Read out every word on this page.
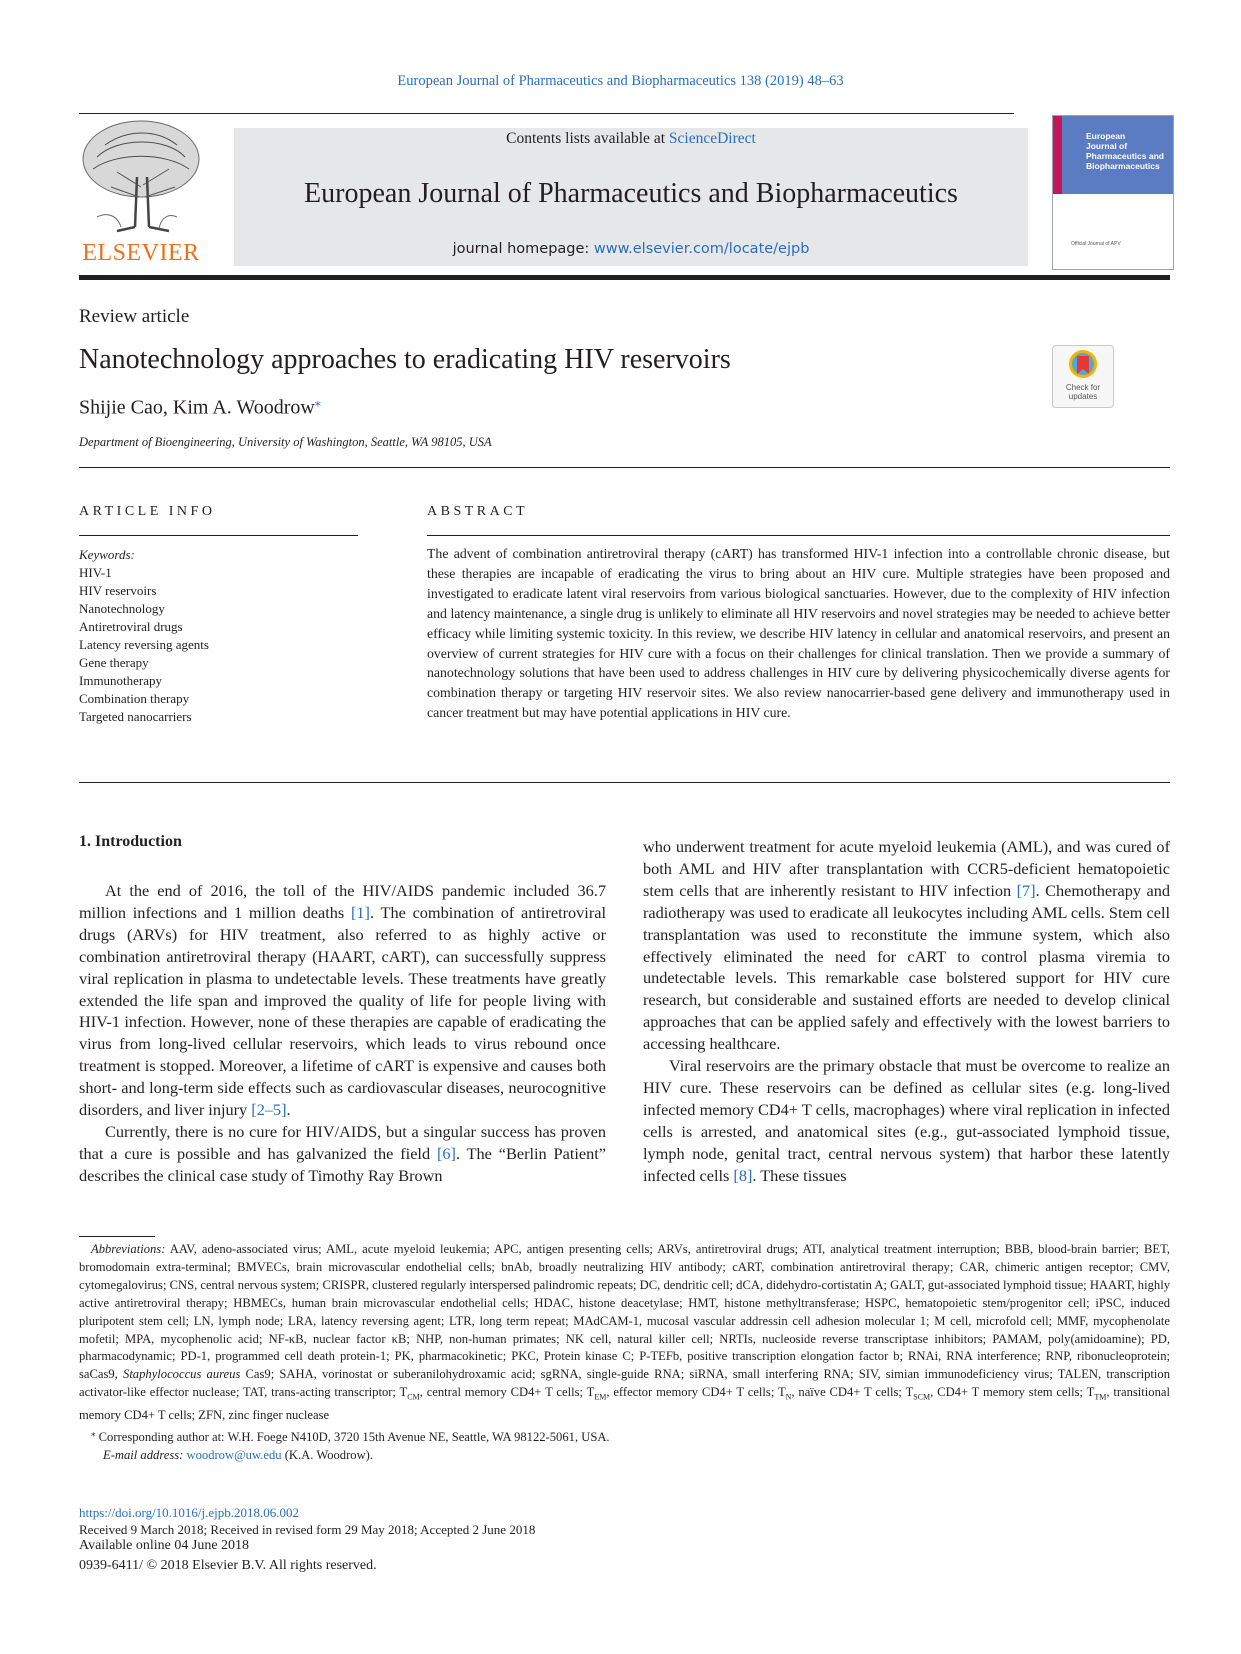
European Journal of Pharmaceutics and Biopharmaceutics 138 (2019) 48–63
ELSEVIER
Contents lists available at ScienceDirect
European Journal of Pharmaceutics and Biopharmaceutics
journal homepage: www.elsevier.com/locate/ejpb
European
Journal of
Pharmaceutics and
Biopharmaceutics
Official Journal of APV
Review article
Nanotechnology approaches to eradicating HIV reservoirs
Shijie Cao, Kim A. Woodrow⁎
Department of Bioengineering, University of Washington, Seattle, WA 98105, USA
Check for updates
ARTICLE INFO
Keywords:
HIV-1
HIV reservoirs
Nanotechnology
Antiretroviral drugs
Latency reversing agents
Gene therapy
Immunotherapy
Combination therapy
Targeted nanocarriers
ABSTRACT
The advent of combination antiretroviral therapy (cART) has transformed HIV-1 infection into a controllable chronic disease, but these therapies are incapable of eradicating the virus to bring about an HIV cure. Multiple strategies have been proposed and investigated to eradicate latent viral reservoirs from various biological sanctuaries. However, due to the complexity of HIV infection and latency maintenance, a single drug is unlikely to eliminate all HIV reservoirs and novel strategies may be needed to achieve better efficacy while limiting systemic toxicity. In this review, we describe HIV latency in cellular and anatomical reservoirs, and present an overview of current strategies for HIV cure with a focus on their challenges for clinical translation. Then we provide a summary of nanotechnology solutions that have been used to address challenges in HIV cure by delivering physicochemically diverse agents for combination therapy or targeting HIV reservoir sites. We also review nanocarrier-based gene delivery and immunotherapy used in cancer treatment but may have potential applications in HIV cure.
1. Introduction

At the end of 2016, the toll of the HIV/AIDS pandemic included 36.7 million infections and 1 million deaths [1]. The combination of antiretroviral drugs (ARVs) for HIV treatment, also referred to as highly active or combination antiretroviral therapy (HAART, cART), can successfully suppress viral replication in plasma to undetectable levels. These treatments have greatly extended the life span and improved the quality of life for people living with HIV-1 infection. However, none of these therapies are capable of eradicating the virus from long-lived cellular reservoirs, which leads to virus rebound once treatment is stopped. Moreover, a lifetime of cART is expensive and causes both short- and long-term side effects such as cardiovascular diseases, neurocognitive disorders, and liver injury [2–5].

Currently, there is no cure for HIV/AIDS, but a singular success has proven that a cure is possible and has galvanized the field [6]. The “Berlin Patient” describes the clinical case study of Timothy Ray Brown

who underwent treatment for acute myeloid leukemia (AML), and was cured of both AML and HIV after transplantation with CCR5-deficient hematopoietic stem cells that are inherently resistant to HIV infection [7]. Chemotherapy and radiotherapy was used to eradicate all leukocytes including AML cells. Stem cell transplantation was used to reconstitute the immune system, which also effectively eliminated the need for cART to control plasma viremia to undetectable levels. This remarkable case bolstered support for HIV cure research, but considerable and sustained efforts are needed to develop clinical approaches that can be applied safely and effectively with the lowest barriers to accessing healthcare.

Viral reservoirs are the primary obstacle that must be overcome to realize an HIV cure. These reservoirs can be defined as cellular sites (e.g. long-lived infected memory CD4+ T cells, macrophages) where viral replication in infected cells is arrested, and anatomical sites (e.g., gut-associated lymphoid tissue, lymph node, genital tract, central nervous system) that harbor these latently infected cells [8]. These tissues

Abbreviations: AAV, adeno-associated virus; AML, acute myeloid leukemia; APC, antigen presenting cells; ARVs, antiretroviral drugs; ATI, analytical treatment interruption; BBB, blood-brain barrier; BET, bromodomain extra-terminal; BMVECs, brain microvascular endothelial cells; bnAb, broadly neutralizing HIV antibody; cART, combination antiretroviral therapy; CAR, chimeric antigen receptor; CMV, cytomegalovirus; CNS, central nervous system; CRISPR, clustered regularly interspersed palindromic repeats; DC, dendritic cell; dCA, didehydro-cortistatin A; GALT, gut-associated lymphoid tissue; HAART, highly active antiretroviral therapy; HBMECs, human brain microvascular endothelial cells; HDAC, histone deacetylase; HMT, histone methyltransferase; HSPC, hematopoietic stem/progenitor cell; iPSC, induced pluripotent stem cell; LN, lymph node; LRA, latency reversing agent; LTR, long term repeat; MAdCAM-1, mucosal vascular addressin cell adhesion molecular 1; M cell, microfold cell; MMF, mycophenolate mofetil; MPA, mycophenolic acid; NF-κB, nuclear factor κB; NHP, non-human primates; NK cell, natural killer cell; NRTIs, nucleoside reverse transcriptase inhibitors; PAMAM, poly(amidoamine); PD, pharmacodynamic; PD-1, programmed cell death protein-1; PK, pharmacokinetic; PKC, Protein kinase C; P-TEFb, positive transcription elongation factor b; RNAi, RNA interference; RNP, ribonucleoprotein; saCas9, Staphylococcus aureus Cas9; SAHA, vorinostat or suberanilohydroxamic acid; sgRNA, single-guide RNA; siRNA, small interfering RNA; SIV, simian immunodeficiency virus; TALEN, transcription activator-like effector nuclease; TAT, trans-acting transcriptor; $T_{CM}$, central memory CD4+ T cells; $T_{EM}$, effector memory CD4+ T cells; $T_N$, naïve CD4+ T cells; $T_{SCM}$, CD4+ T memory stem cells; $T_{TM}$, transitional memory CD4+ T cells; ZFN, zinc finger nuclease
⁎ Corresponding author at: W.H. Foege N410D, 3720 15th Avenue NE, Seattle, WA 98122-5061, USA.
E-mail address: woodrow@uw.edu (K.A. Woodrow).
https://doi.org/10.1016/j.ejpb.2018.06.002
Received 9 March 2018; Received in revised form 29 May 2018; Accepted 2 June 2018
Available online 04 June 2018
0939-6411/ © 2018 Elsevier B.V. All rights reserved.
